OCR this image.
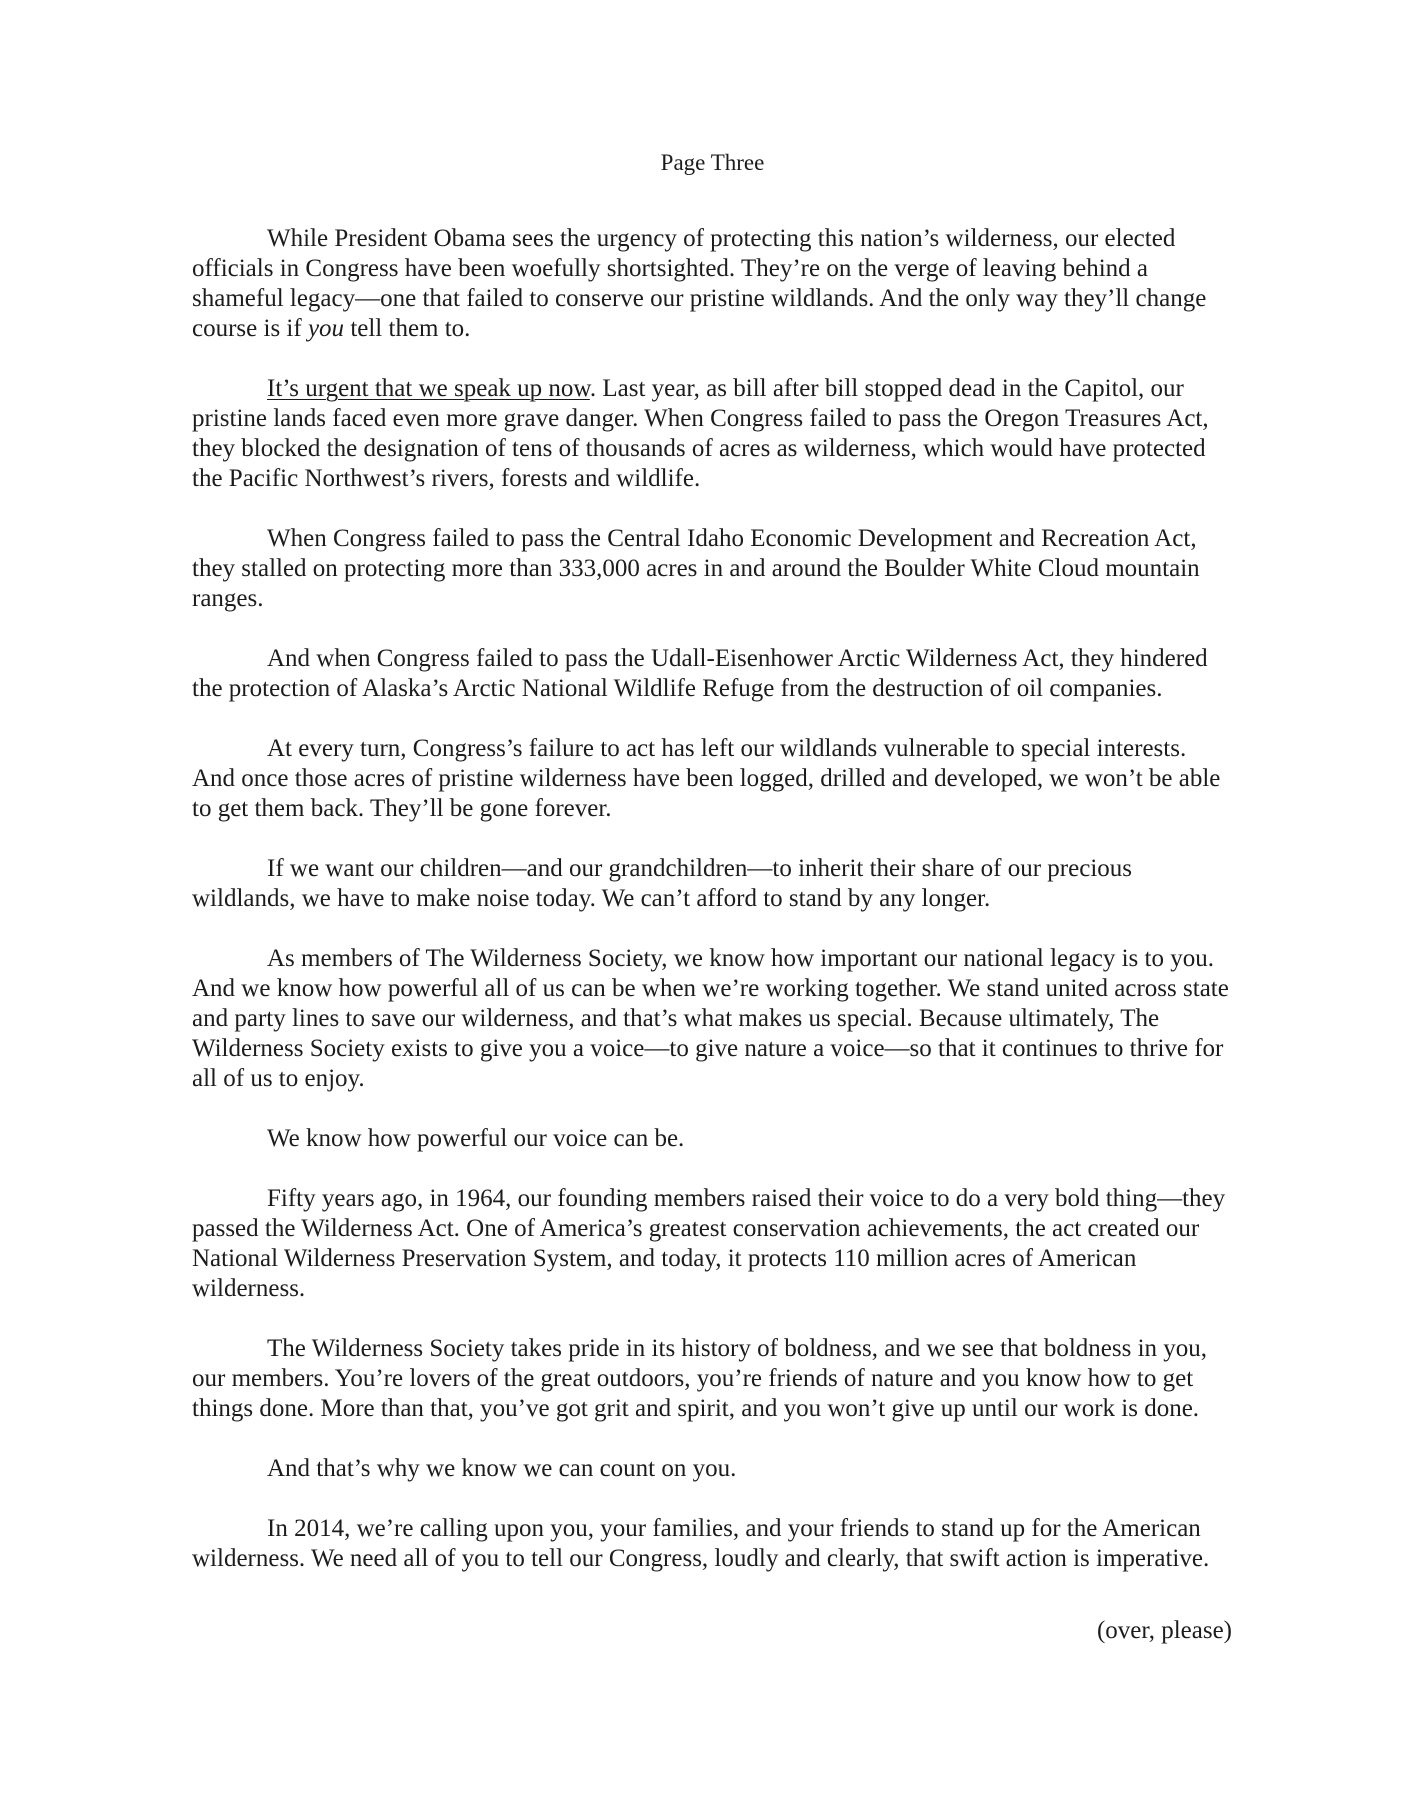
Page Three

While President Obama sees the urgency of protecting this nation’s wilderness, our elected officials in Congress have been woefully shortsighted. They’re on the verge of leaving behind a shameful legacy—one that failed to conserve our pristine wildlands. And the only way they’ll change course is if you tell them to.

It’s urgent that we speak up now. Last year, as bill after bill stopped dead in the Capitol, our pristine lands faced even more grave danger. When Congress failed to pass the Oregon Treasures Act, they blocked the designation of tens of thousands of acres as wilderness, which would have protected the Pacific Northwest’s rivers, forests and wildlife.

When Congress failed to pass the Central Idaho Economic Development and Recreation Act, they stalled on protecting more than 333,000 acres in and around the Boulder White Cloud mountain ranges.

And when Congress failed to pass the Udall-Eisenhower Arctic Wilderness Act, they hindered the protection of Alaska’s Arctic National Wildlife Refuge from the destruction of oil companies.

At every turn, Congress’s failure to act has left our wildlands vulnerable to special interests. And once those acres of pristine wilderness have been logged, drilled and developed, we won’t be able to get them back. They’ll be gone forever.

If we want our children—and our grandchildren—to inherit their share of our precious wildlands, we have to make noise today. We can’t afford to stand by any longer.

As members of The Wilderness Society, we know how important our national legacy is to you. And we know how powerful all of us can be when we’re working together. We stand united across state and party lines to save our wilderness, and that’s what makes us special. Because ultimately, The Wilderness Society exists to give you a voice—to give nature a voice—so that it continues to thrive for all of us to enjoy.

We know how powerful our voice can be.

Fifty years ago, in 1964, our founding members raised their voice to do a very bold thing—they passed the Wilderness Act. One of America’s greatest conservation achievements, the act created our National Wilderness Preservation System, and today, it protects 110 million acres of American wilderness.

The Wilderness Society takes pride in its history of boldness, and we see that boldness in you, our members. You’re lovers of the great outdoors, you’re friends of nature and you know how to get things done. More than that, you’ve got grit and spirit, and you won’t give up until our work is done.

And that’s why we know we can count on you.

In 2014, we’re calling upon you, your families, and your friends to stand up for the American wilderness. We need all of you to tell our Congress, loudly and clearly, that swift action is imperative.

(over, please)
